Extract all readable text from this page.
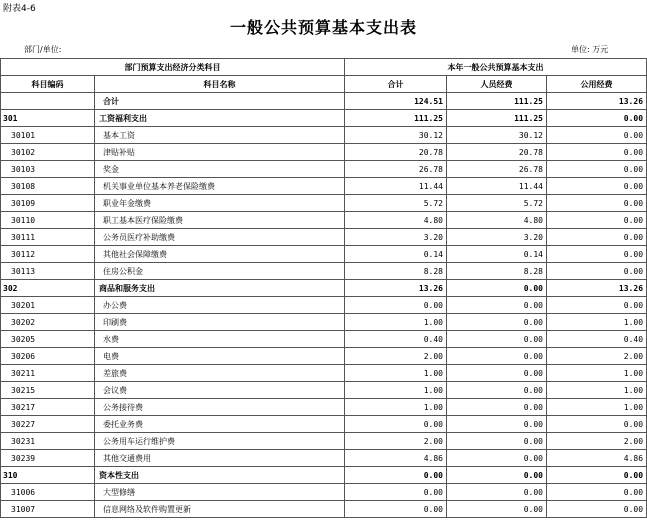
附表4-6
一般公共预算基本支出表
部门/单位:	单位: 万元
部门预算支出经济分类科目		本年一般公共预算基本支出		
科目编码	科目名称	合计	人员经费	公用经费
	合计	124.51	111.25	13.26
301	工资福利支出	111.25	111.25	0.00
30101	基本工资	30.12	30.12	0.00
30102	津贴补贴	20.78	20.78	0.00
30103	奖金	26.78	26.78	0.00
30108	机关事业单位基本养老保险缴费	11.44	11.44	0.00
30109	职业年金缴费	5.72	5.72	0.00
30110	职工基本医疗保险缴费	4.80	4.80	0.00
30111	公务员医疗补助缴费	3.20	3.20	0.00
30112	其他社会保障缴费	0.14	0.14	0.00
30113	住房公积金	8.28	8.28	0.00
302	商品和服务支出	13.26	0.00	13.26
30201	办公费	0.00	0.00	0.00
30202	印刷费	1.00	0.00	1.00
30205	水费	0.40	0.00	0.40
30206	电费	2.00	0.00	2.00
30211	差旅费	1.00	0.00	1.00
30215	会议费	1.00	0.00	1.00
30217	公务接待费	1.00	0.00	1.00
30227	委托业务费	0.00	0.00	0.00
30231	公务用车运行维护费	2.00	0.00	2.00
30239	其他交通费用	4.86	0.00	4.86
310	资本性支出	0.00	0.00	0.00
31006	大型修缮	0.00	0.00	0.00
31007	信息网络及软件购置更新	0.00	0.00	0.00
